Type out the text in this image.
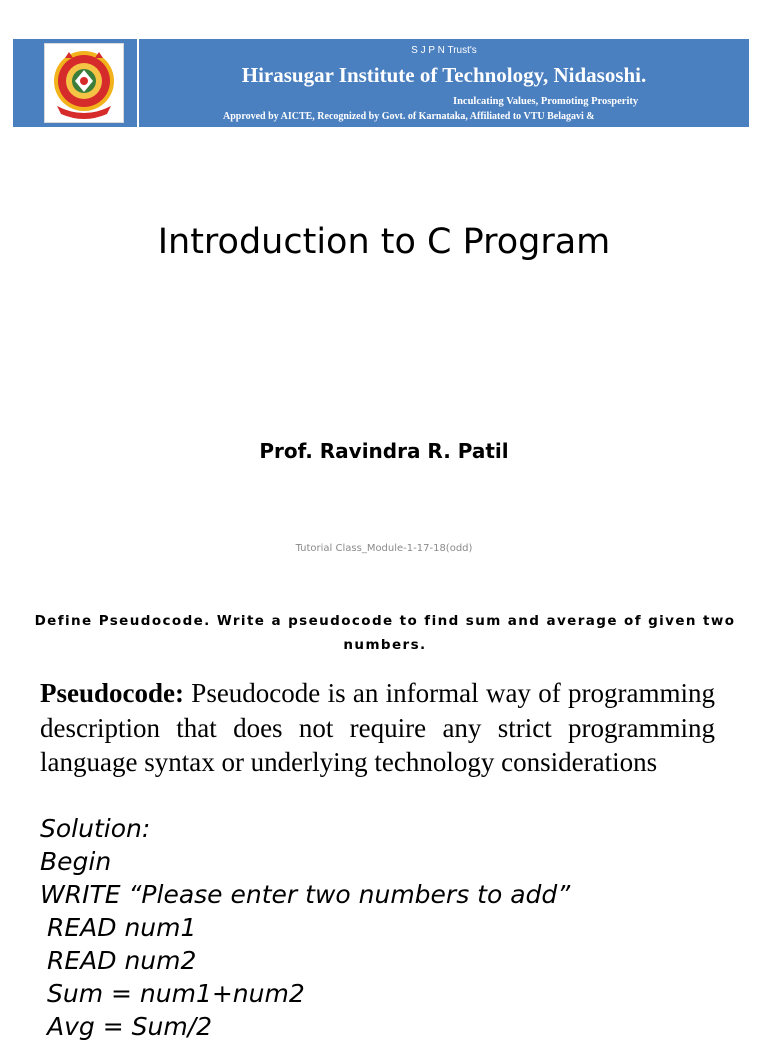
S J P N Trust's
Hirasugar Institute of Technology, Nidasoshi.
Inculcating Values, Promoting Prosperity
Approved by AICTE, Recognized by Govt. of Karnataka, Affiliated to VTU Belagavi &
Introduction to C Program
Prof. Ravindra R. Patil
Tutorial Class_Module-1-17-18(odd)
Define Pseudocode. Write a pseudocode to find sum and average of given two numbers.
Pseudocode: Pseudocode is an informal way of programming description that does not require any strict programming language syntax or underlying technology considerations
Solution:
Begin
WRITE “Please enter two numbers to add”
READ num1
READ num2
Sum = num1+num2
Avg = Sum/2
